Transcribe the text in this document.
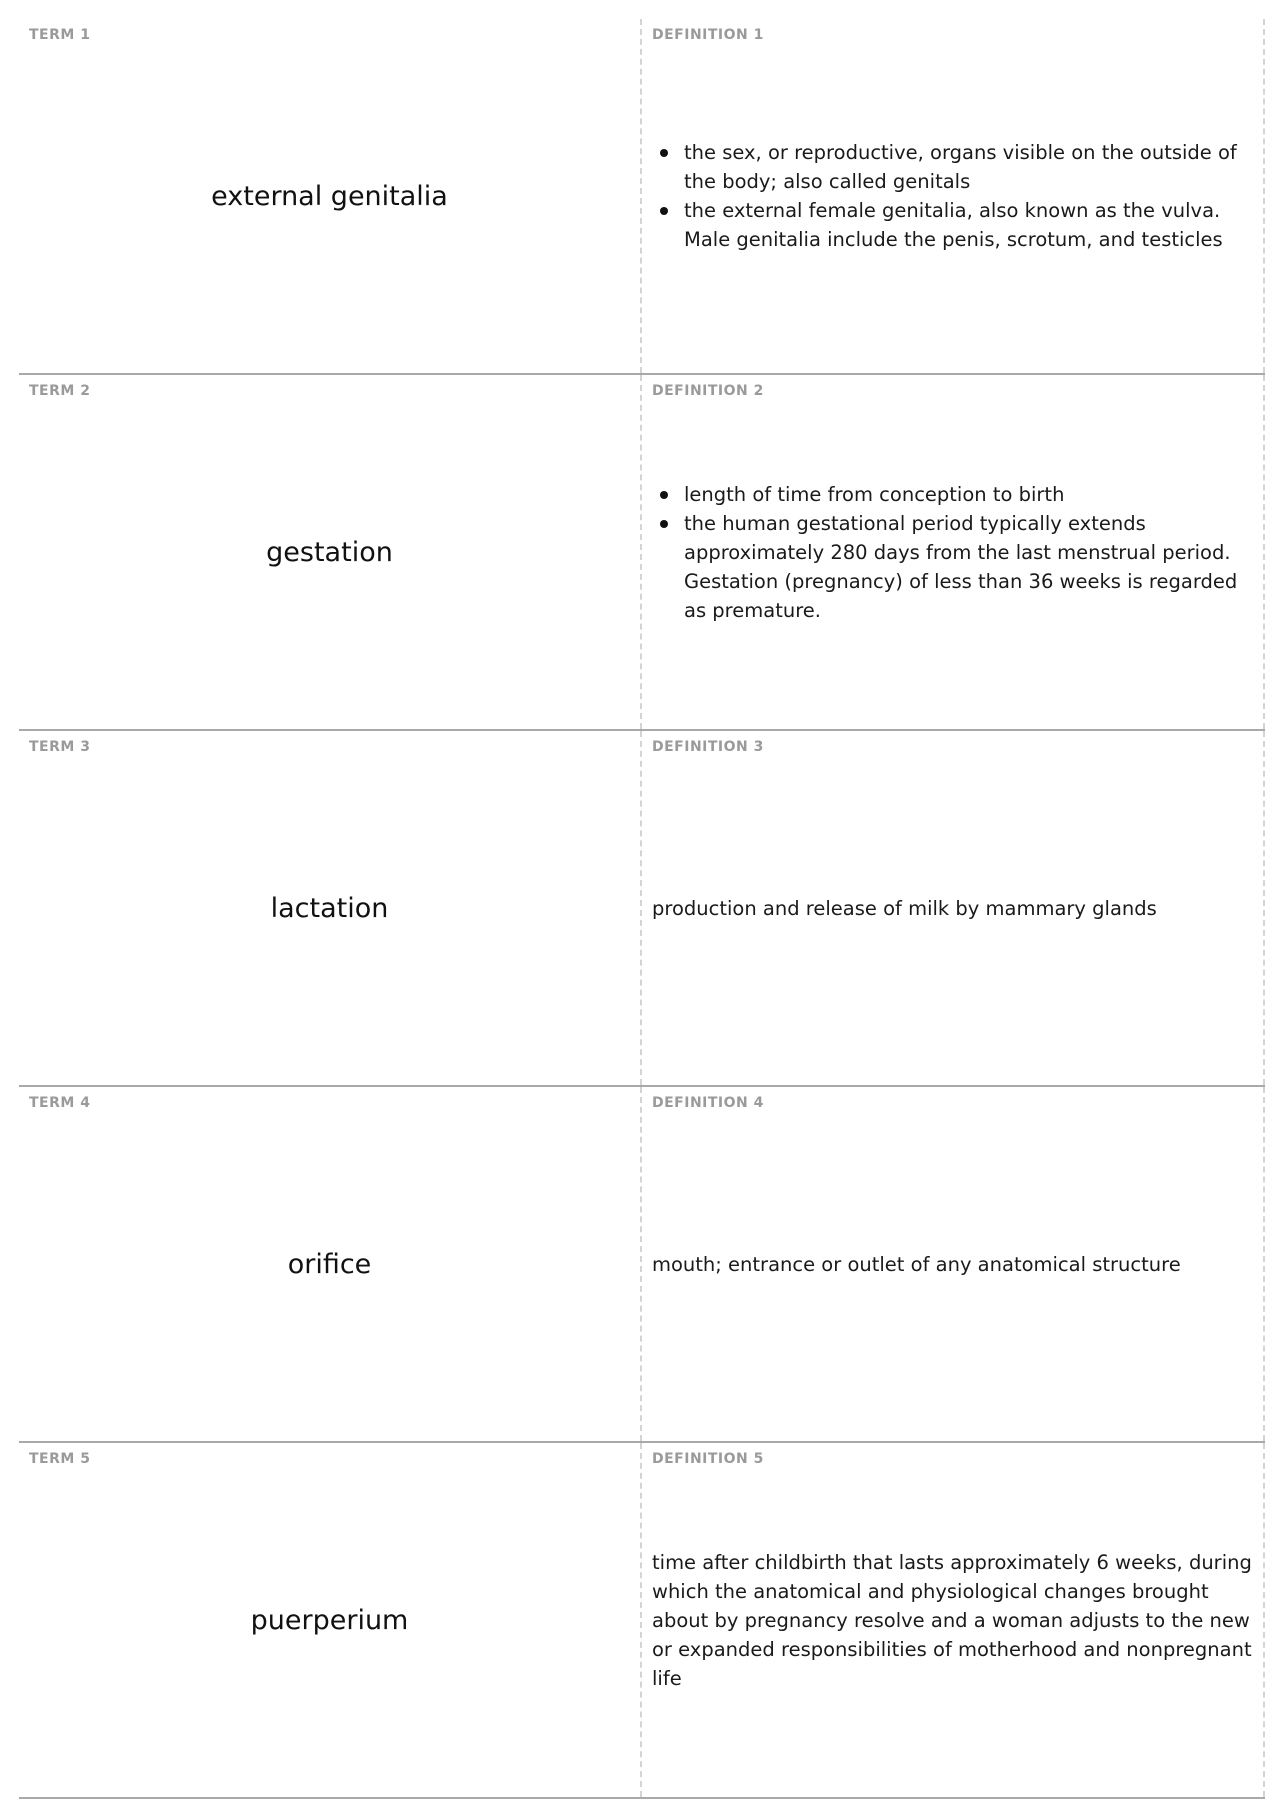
TERM 1
external genitalia
DEFINITION 1
the sex, or reproductive, organs visible on the outside of the body; also called genitals
the external female genitalia, also known as the vulva. Male genitalia include the penis, scrotum, and testicles
TERM 2
gestation
DEFINITION 2
length of time from conception to birth
the human gestational period typically extends approximately 280 days from the last menstrual period. Gestation (pregnancy) of less than 36 weeks is regarded as premature.
TERM 3
lactation
DEFINITION 3

production and release of milk by mammary glands

TERM 4
orifice
DEFINITION 4

mouth; entrance or outlet of any anatomical structure

TERM 5
puerperium
DEFINITION 5

time after childbirth that lasts approximately 6 weeks, during which the anatomical and physiological changes brought about by pregnancy resolve and a woman adjusts to the new or expanded responsibilities of motherhood and nonpregnant life
